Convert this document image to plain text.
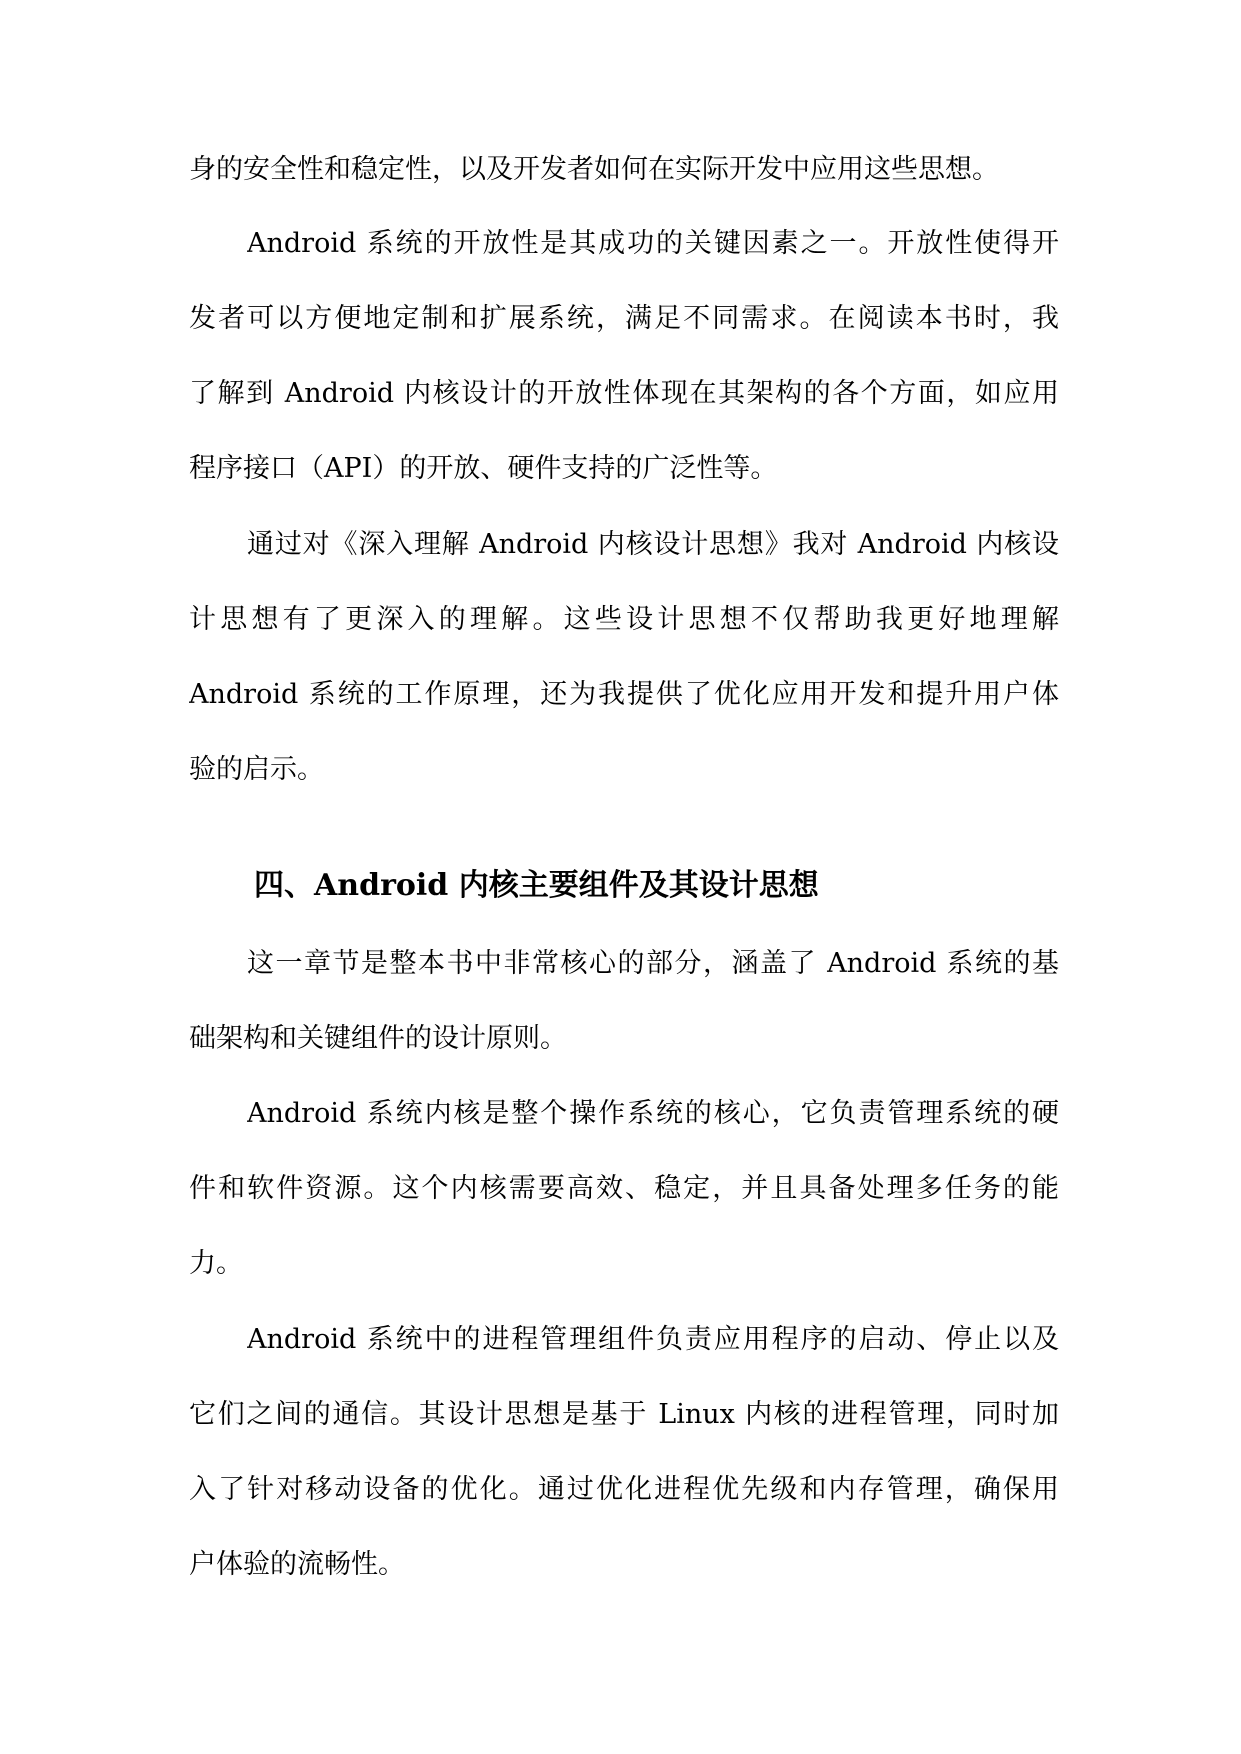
身的安全性和稳定性，以及开发者如何在实际开发中应用这些思想。
Android 系统的开放性是其成功的关键因素之一。开放性使得开
发者可以方便地定制和扩展系统，满足不同需求。在阅读本书时，我
了解到 Android 内核设计的开放性体现在其架构的各个方面，如应用
程序接口（API）的开放、硬件支持的广泛性等。
通过对《深入理解 Android 内核设计思想》我对 Android 内核设
计思想有了更深入的理解。这些设计思想不仅帮助我更好地理解
Android 系统的工作原理，还为我提供了优化应用开发和提升用户体
验的启示。
四、Android 内核主要组件及其设计思想
这一章节是整本书中非常核心的部分，涵盖了 Android 系统的基
础架构和关键组件的设计原则。
Android 系统内核是整个操作系统的核心，它负责管理系统的硬
件和软件资源。这个内核需要高效、稳定，并且具备处理多任务的能
力。
Android 系统中的进程管理组件负责应用程序的启动、停止以及
它们之间的通信。其设计思想是基于 Linux 内核的进程管理，同时加
入了针对移动设备的优化。通过优化进程优先级和内存管理，确保用
户体验的流畅性。
